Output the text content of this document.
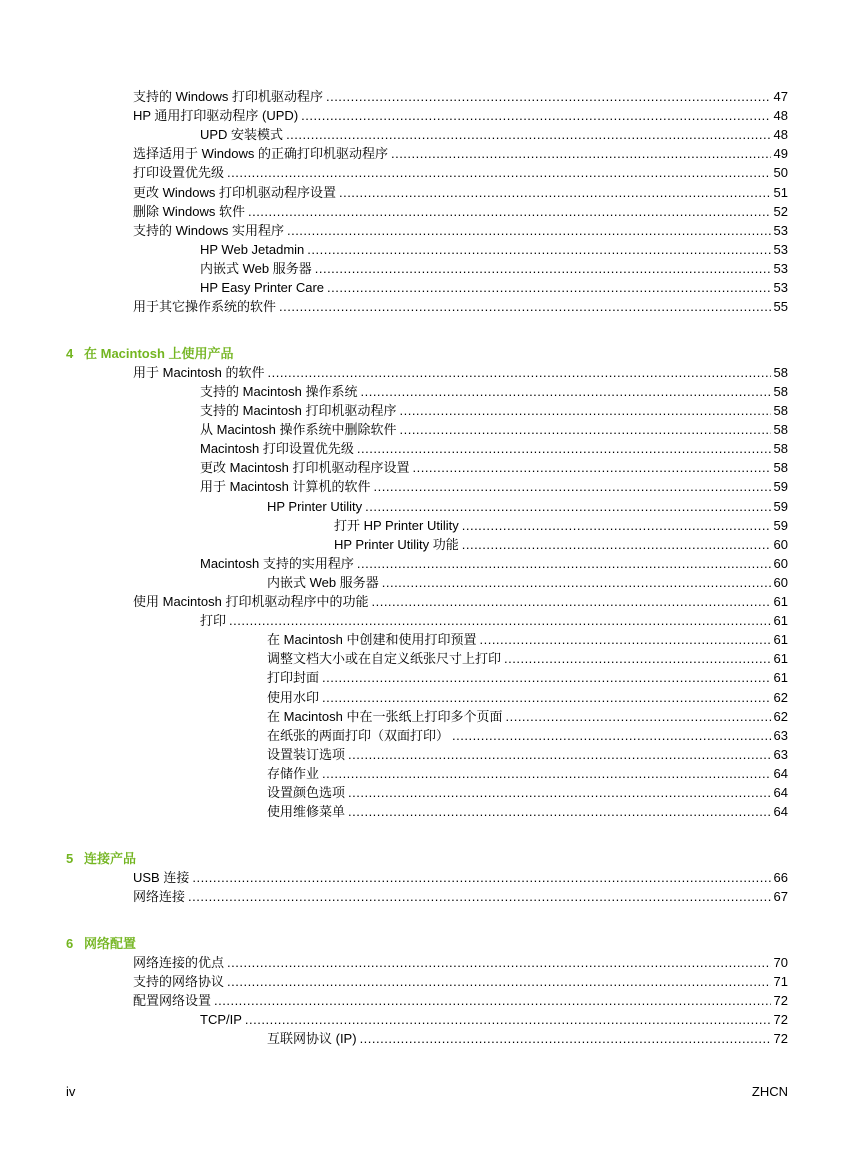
支持的 Windows 打印机驱动程序 .....	47
HP 通用打印驱动程序 (UPD) .....	48
UPD 安装模式 .....	48
选择适用于 Windows 的正确打印机驱动程序 .....	49
打印设置优先级 .....	50
更改 Windows 打印机驱动程序设置 .....	51
删除 Windows 软件 .....	52
支持的 Windows 实用程序 .....	53
HP Web Jetadmin .....	53
内嵌式 Web 服务器 .....	53
HP Easy Printer Care .....	53
用于其它操作系统的软件 .....	55
4 在 Macintosh 上使用产品
用于 Macintosh 的软件 .....	58
支持的 Macintosh 操作系统 .....	58
支持的 Macintosh 打印机驱动程序 .....	58
从 Macintosh 操作系统中删除软件 .....	58
Macintosh 打印设置优先级 .....	58
更改 Macintosh 打印机驱动程序设置 .....	58
用于 Macintosh 计算机的软件 .....	59
HP Printer Utility .....	59
打开 HP Printer Utility .....	59
HP Printer Utility 功能 .....	60
Macintosh 支持的实用程序 .....	60
内嵌式 Web 服务器 .....	60
使用 Macintosh 打印机驱动程序中的功能 .....	61
打印 .....	61
在 Macintosh 中创建和使用打印预置 .....	61
调整文档大小或在自定义纸张尺寸上打印 .....	61
打印封面 .....	61
使用水印 .....	62
在 Macintosh 中在一张纸上打印多个页面 .....	62
在纸张的两面打印（双面打印） .....	63
设置装订选项 .....	63
存储作业 .....	64
设置颜色选项 .....	64
使用维修菜单 .....	64
5 连接产品
USB 连接 .....	66
网络连接 .....	67
6 网络配置
网络连接的优点 .....	70
支持的网络协议 .....	71
配置网络设置 .....	72
TCP/IP .....	72
互联网协议 (IP) .....	72
iv	ZHCN
